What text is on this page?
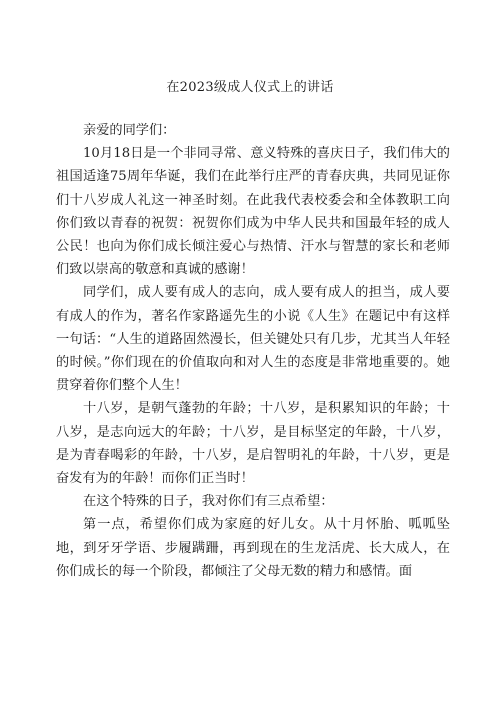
在2023级成人仪式上的讲话

亲爱的同学们：

10月18日是一个非同寻常、意义特殊的喜庆日子，我们伟大的祖国适逢75周年华诞，我们在此举行庄严的青春庆典，共同见证你们十八岁成人礼这一神圣时刻。在此我代表校委会和全体教职工向你们致以青春的祝贺：祝贺你们成为中华人民共和国最年轻的成人公民！也向为你们成长倾注爱心与热情、汗水与智慧的家长和老师们致以崇高的敬意和真诚的感谢！

同学们，成人要有成人的志向，成人要有成人的担当，成人要有成人的作为，著名作家路遥先生的小说《人生》在题记中有这样一句话：“人生的道路固然漫长，但关键处只有几步，尤其当人年轻的时候。”你们现在的价值取向和对人生的态度是非常地重要的。她贯穿着你们整个人生！

十八岁，是朝气蓬勃的年龄；十八岁，是积累知识的年龄；十八岁，是志向远大的年龄；十八岁，是目标坚定的年龄，十八岁，是为青春喝彩的年龄，十八岁，是启智明礼的年龄，十八岁，更是奋发有为的年龄！而你们正当时！

在这个特殊的日子，我对你们有三点希望：

第一点，希望你们成为家庭的好儿女。从十月怀胎、呱呱坠地，到牙牙学语、步履蹒跚，再到现在的生龙活虎、长大成人，在你们成长的每一个阶段，都倾注了父母无数的精力和感情。面
